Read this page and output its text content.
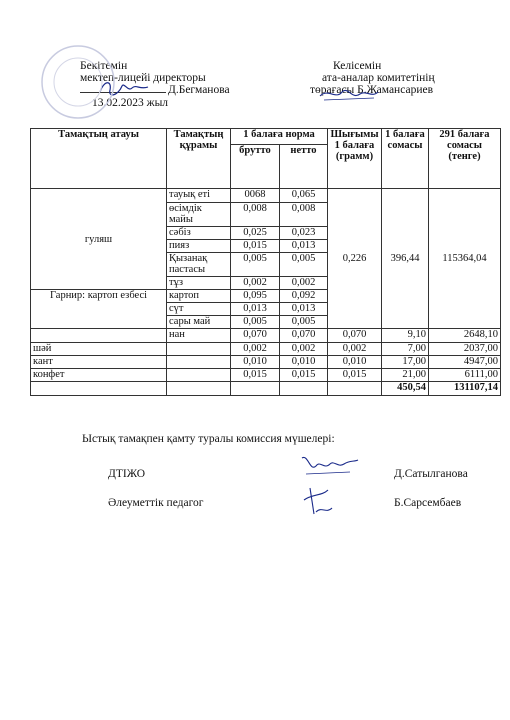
Бекітемін
мектеп-лицейі директоры
Д.Бегманова
13.02.2023 жыл
Келісемін
ата-аналар комитетінің
төрағасы Б.Жамансариев
Тамақтың атауы	Тамақтың құрамы	1 балаға норма		Шығымы 1 балаға (грамм)	1 балаға сомасы	291 балаға сомасы (тенге)
		брутто	нетто			
гуляш	тауық еті	0068	0,065	0,226	396,44	115364,04
	өсімдік майы	0,008	0,008			
	сәбіз	0,025	0,023			
	пияз	0,015	0,013			
	Қызанақ пастасы	0,005	0,005			
	тұз	0,002	0,002			
Гарнир: картоп езбесі	картоп	0,095	0,092			
	сүт	0,013	0,013			
	сары май	0,005	0,005			
	нан	0,070	0,070	0,070	9,10	2648,10
шәй		0,002	0,002	0,002	7,00	2037,00
кант		0,010	0,010	0,010	17,00	4947,00
конфет		0,015	0,015	0,015	21,00	6111,00
					450,54	131107,14
Ыстық тамақпен қамту туралы комиссия мүшелері:
ДТІЖО	Д.Сатылганова
Әлеуметтік педагог	Б.Сарсембаев
